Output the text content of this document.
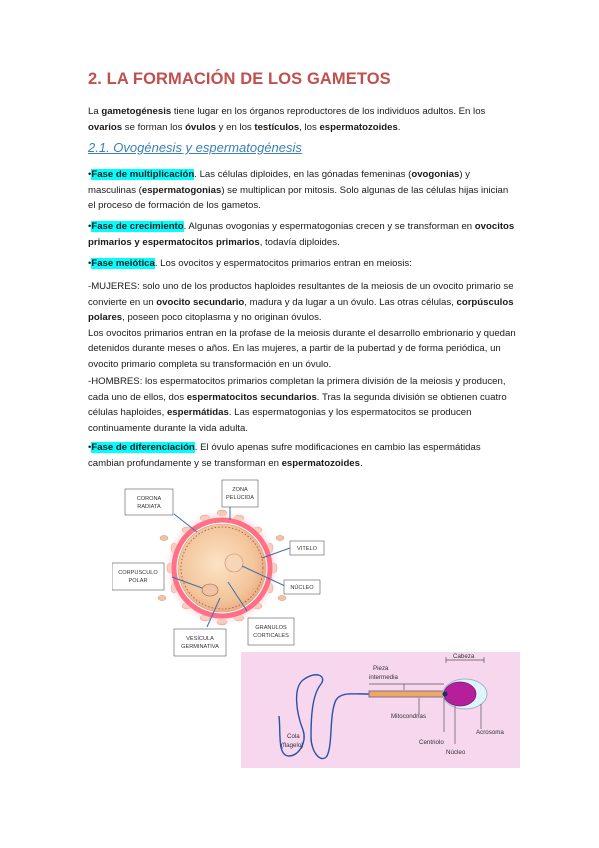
2. LA FORMACIÓN DE LOS GAMETOS

La gametogénesis tiene lugar en los órganos reproductores de los individuos adultos. En los ovarios se forman los óvulos y en los testículos, los espermatozoides.

2.1. Ovogénesis y espermatogénesis

•Fase de multiplicación. Las células diploides, en las gónadas femeninas (ovogonias) y masculinas (espermatogonias) se multiplican por mitosis. Solo algunas de las células hijas inician el proceso de formación de los gametos.

•Fase de crecimiento. Algunas ovogonias y espermatogonias crecen y se transforman en ovocitos primarios y espermatocitos primarios, todavía diploides.

•Fase meiótica. Los ovocitos y espermatocitos primarios entran en meiosis:

-MUJERES: solo uno de los productos haploides resultantes de la meiosis de un ovocito primario se convierte en un ovocito secundario, madura y da lugar a un óvulo. Las otras células, corpúsculos polares, poseen poco citoplasma y no originan óvulos.
Los ovocitos primarios entran en la profase de la meiosis durante el desarrollo embrionario y quedan detenidos durante meses o años. En las mujeres, a partir de la pubertad y de forma periódica, un ovocito primario completa su transformación en un óvulo.

-HOMBRES: los espermatocitos primarios completan la primera división de la meiosis y producen, cada uno de ellos, dos espermatocitos secundarios. Tras la segunda división se obtienen cuatro células haploides, espermátidas. Las espermatogonias y los espermatocitos se producen continuamente durante la vida adulta.

•Fase de diferenciación. El óvulo apenas sufre modificaciones en cambio las espermátidas cambian profundamente y se transforman en espermatozoides.

CORONA
RADIATA
ZONA
PELÚCIDA
VITELO
CORPUSCULO
POLAR
NÚCLEO
GRANULOS
CORTICALES
VESÍCULA
GERMINATIVA
Cabeza
Pieza
intermedia
Mitocondrias
Acrosoma
Centriolo
Núcleo
Cola
(flagelo)
